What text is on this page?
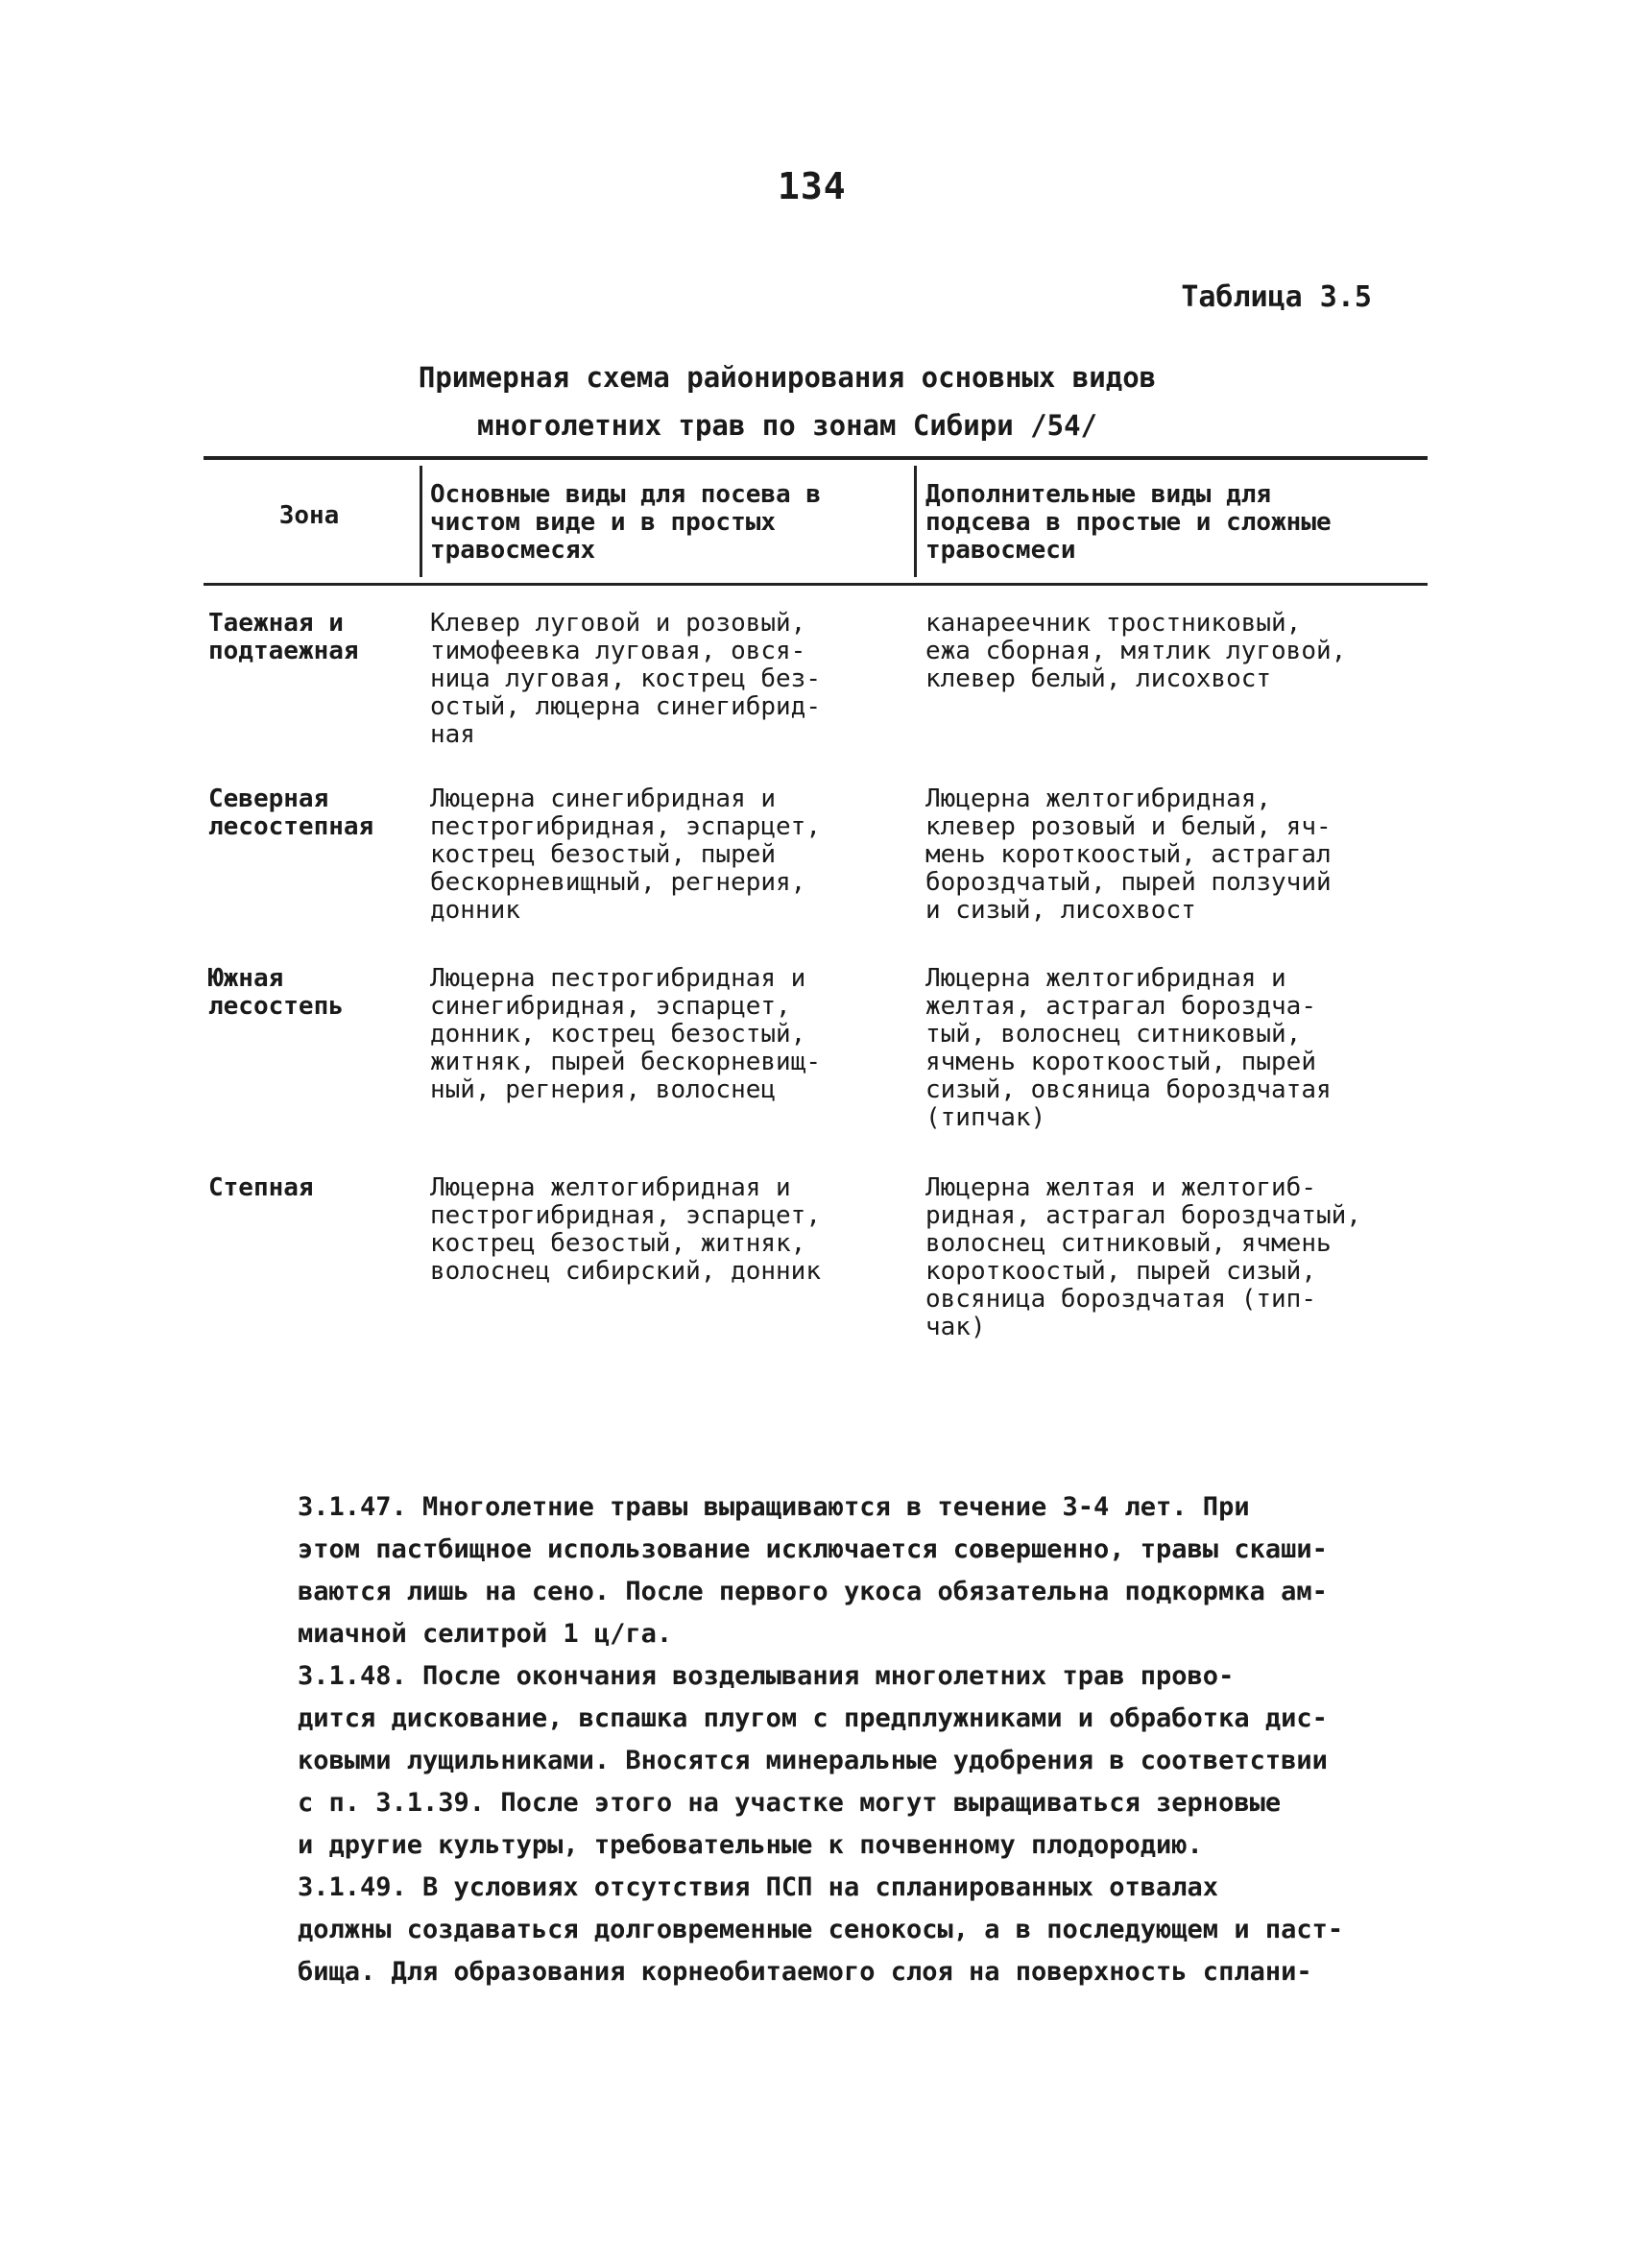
134
Таблица 3.5
Примерная схема районирования основных видов
многолетних трав по зонам Сибири /54/
Зона
Основные виды для посева в
чистом виде и в простых
травосмесях
Дополнительные виды для
подсева в простые и сложные
травосмеси
Таежная и
подтаежная
Клевер луговой и розовый,
тимофеевка луговая, овся-
ница луговая, кострец без-
остый, люцерна синегибрид-
ная
канареечник тростниковый,
ежа сборная, мятлик луговой,
клевер белый, лисохвост
Северная
лесостепная
Люцерна синегибридная и
пестрогибридная, эспарцет,
кострец безостый, пырей
бескорневищный, регнерия,
донник
Люцерна желтогибридная,
клевер розовый и белый, яч-
мень короткоостый, астрагал
бороздчатый, пырей ползучий
и сизый, лисохвост
Южная
лесостепь
Люцерна пестрогибридная и
синегибридная, эспарцет,
донник, кострец безостый,
житняк, пырей бескорневищ-
ный, регнерия, волоснец
Люцерна желтогибридная и
желтая, астрагал бороздча-
тый, волоснец ситниковый,
ячмень короткоостый, пырей
сизый, овсяница бороздчатая
(типчак)
Степная	Люцерна желтогибридная и
пестрогибридная, эспарцет,
кострец безостый, житняк,
волоснец сибирский, донник
Люцерна желтая и желтогиб-
ридная, астрагал бороздчатый,
волоснец ситниковый, ячмень
короткоостый, пырей сизый,
овсяница бороздчатая (тип-
чак)

3.1.47. Многолетние травы выращиваются в течение 3-4 лет. При
этом пастбищное использование исключается совершенно, травы скаши-
ваются лишь на сено. После первого укоса обязательна подкормка ам-
миачной селитрой 1 ц/га.

3.1.48. После окончания возделывания многолетних трав прово-
дится дискование, вспашка плугом с предплужниками и обработка дис-
ковыми лущильниками. Вносятся минеральные удобрения в соответствии
с п. 3.1.39. После этого на участке могут выращиваться зерновые
и другие культуры, требовательные к почвенному плодородию.

3.1.49. В условиях отсутствия ПСП на спланированных отвалах
должны создаваться долговременные сенокосы, а в последующем и паст-
бища. Для образования корнеобитаемого слоя на поверхность сплани-
